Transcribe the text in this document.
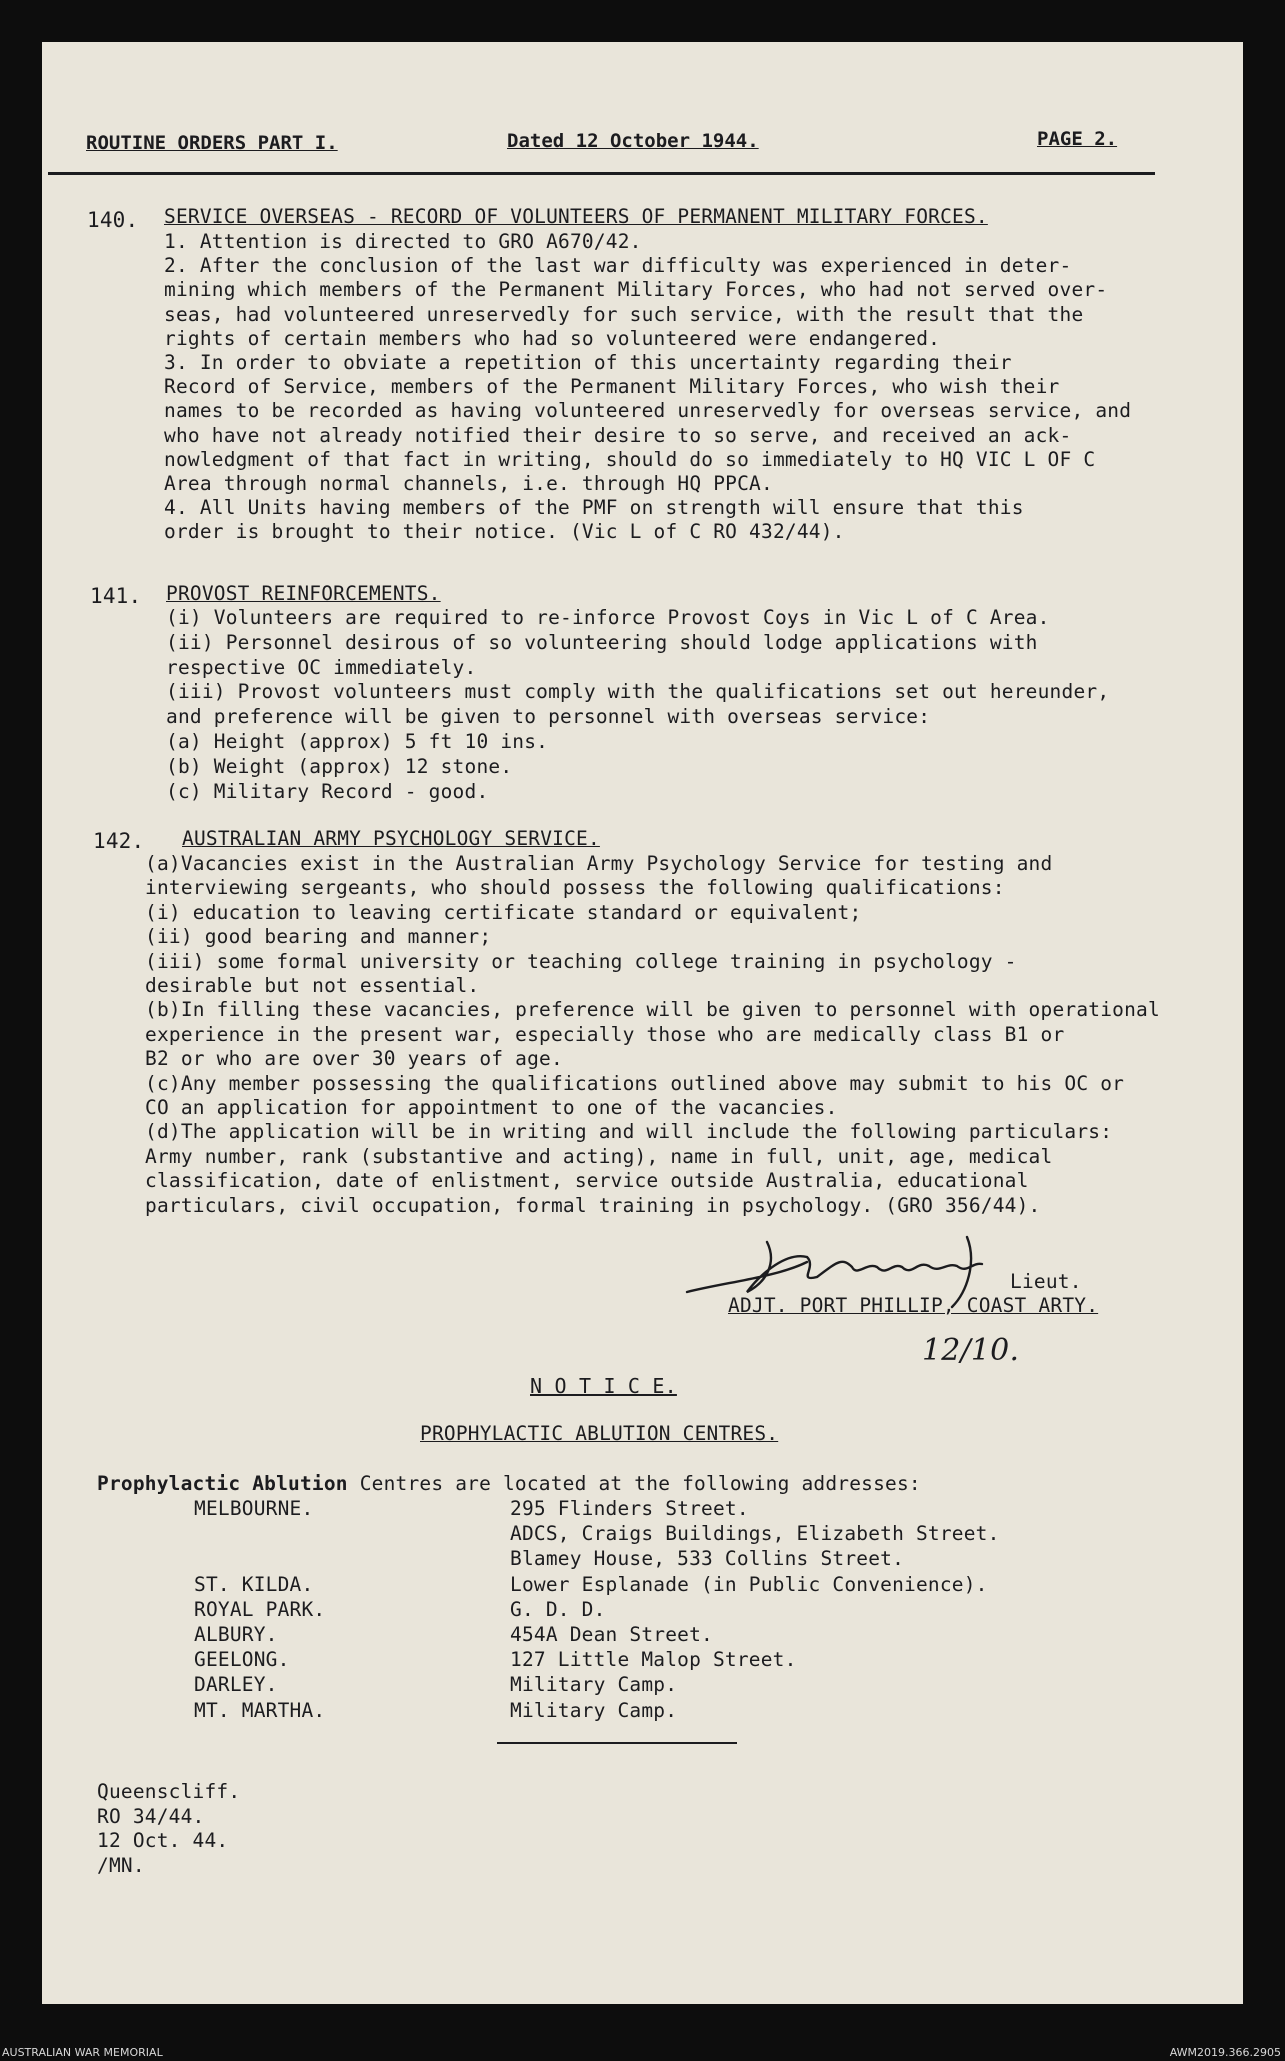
ROUTINE ORDERS PART I.	Dated 12 October 1944.	PAGE 2.
140. SERVICE OVERSEAS - RECORD OF VOLUNTEERS OF PERMANENT MILITARY FORCES.
1. Attention is directed to GRO A670/42.
2. After the conclusion of the last war difficulty was experienced in deter-
mining which members of the Permanent Military Forces, who had not served over-
seas, had volunteered unreservedly for such service, with the result that the
rights of certain members who had so volunteered were endangered.
3. In order to obviate a repetition of this uncertainty regarding their
Record of Service, members of the Permanent Military Forces, who wish their
names to be recorded as having volunteered unreservedly for overseas service, and
who have not already notified their desire to so serve, and received an ack-
nowledgment of that fact in writing, should do so immediately to HQ VIC L OF C
Area through normal channels, i.e. through HQ PPCA.
4. All Units having members of the PMF on strength will ensure that this
order is brought to their notice. (Vic L of C RO 432/44).
141. PROVOST REINFORCEMENTS.
(i) Volunteers are required to re-inforce Provost Coys in Vic L of C Area.
(ii) Personnel desirous of so volunteering should lodge applications with
respective OC immediately.
(iii) Provost volunteers must comply with the qualifications set out hereunder,
and preference will be given to personnel with overseas service:
(a) Height (approx) 5 ft 10 ins.
(b) Weight (approx) 12 stone.
(c) Military Record - good.
142. AUSTRALIAN ARMY PSYCHOLOGY SERVICE.
(a)Vacancies exist in the Australian Army Psychology Service for testing and
interviewing sergeants, who should possess the following qualifications:
(i) education to leaving certificate standard or equivalent;
(ii) good bearing and manner;
(iii) some formal university or teaching college training in psychology -
desirable but not essential.
(b)In filling these vacancies, preference will be given to personnel with operational
experience in the present war, especially those who are medically class B1 or
B2 or who are over 30 years of age.
(c)Any member possessing the qualifications outlined above may submit to his OC or
CO an application for appointment to one of the vacancies.
(d)The application will be in writing and will include the following particulars:
Army number, rank (substantive and acting), name in full, unit, age, medical
classification, date of enlistment, service outside Australia, educational
particulars, civil occupation, formal training in psychology. (GRO 356/44).
Lieut.
ADJT. PORT PHILLIP, COAST ARTY.
12/10.
N O T I C E.
PROPHYLACTIC ABLUTION CENTRES.
Prophylactic Ablution Centres are located at the following addresses:
MELBOURNE.	295 Flinders Street.
ADCS, Craigs Buildings, Elizabeth Street.
Blamey House, 533 Collins Street.
ST. KILDA.	Lower Esplanade (in Public Convenience).
ROYAL PARK.	G. D. D.
ALBURY.	454A Dean Street.
GEELONG.	127 Little Malop Street.
DARLEY.	Military Camp.
MT. MARTHA.	Military Camp.
Queenscliff.
RO 34/44.
12 Oct. 44.
/MN.
AUSTRALIAN WAR MEMORIAL	AWM2019.366.2905
